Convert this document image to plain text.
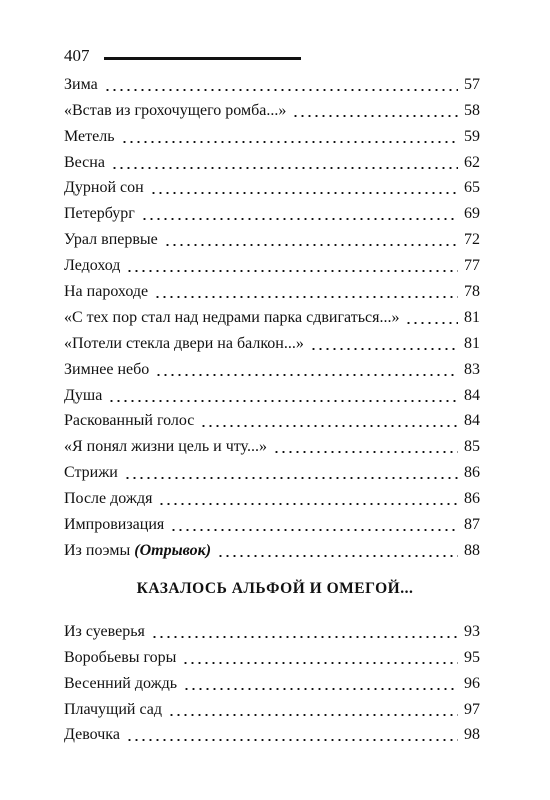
407
Зима	57
«Встав из грохочущего ромба...»	58
Метель	59
Весна	62
Дурной сон	65
Петербург	69
Урал впервые	72
Ледоход	77
На пароходе	78
«С тех пор стал над недрами парка сдвигаться...»	81
«Потели стекла двери на балкон...»	81
Зимнее небо	83
Душа	84
Раскованный голос	84
«Я понял жизни цель и чту...»	85
Стрижи	86
После дождя	86
Импровизация	87
Из поэмы (Отрывок)	88
КАЗАЛОСЬ АЛЬФОЙ И ОМЕГОЙ...
Из суеверья	93
Воробьевы горы	95
Весенний дождь	96
Плачущий сад	97
Девочка	98
